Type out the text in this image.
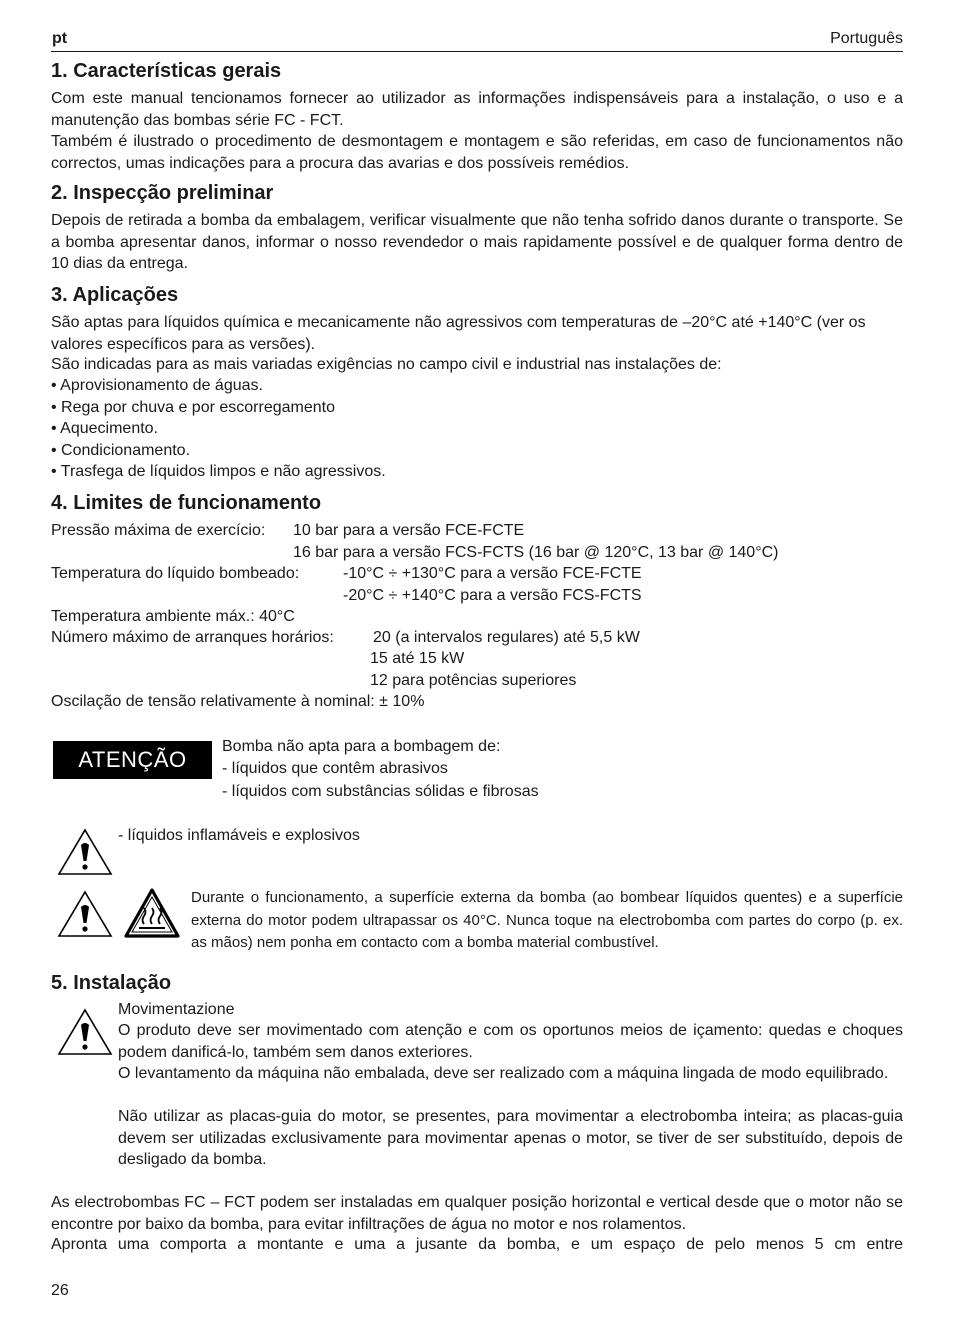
pt	Português
1. Características gerais
Com este manual tencionamos fornecer ao utilizador as informações indispensáveis para a instalação, o uso e a manutenção das bombas série FC - FCT.
Também é ilustrado o procedimento de desmontagem e montagem e são referidas, em caso de funcionamentos não correctos, umas indicações para a procura das avarias e dos possíveis remédios.
2. Inspecção preliminar
Depois de retirada a bomba da embalagem, verificar visualmente que não tenha sofrido danos durante o transporte. Se a bomba apresentar danos, informar o nosso revendedor o mais rapidamente possível e de qualquer forma dentro de 10 dias da entrega.
3. Aplicações
São aptas para líquidos química e mecanicamente não agressivos com temperaturas de –20°C até +140°C (ver os valores específicos para as versões).
São indicadas para as mais variadas exigências no campo civil e industrial nas instalações de:
• Aprovisionamento de águas.
• Rega por chuva e por escorregamento
• Aquecimento.
• Condicionamento.
• Trasfega de líquidos limpos e não agressivos.
4. Limites de funcionamento
Pressão máxima de exercício: 10 bar para a versão FCE-FCTE
16 bar para a versão FCS-FCTS (16 bar @ 120°C, 13 bar @ 140°C)
Temperatura do líquido bombeado:	-10°C ÷ +130°C para a versão FCE-FCTE
-20°C ÷ +140°C para a versão FCS-FCTS
Temperatura ambiente máx.: 40°C
Número máximo de arranques horários: 20 (a intervalos regulares) até 5,5 kW
15 até 15 kW
12 para potências superiores
Oscilação de tensão relativamente à nominal: ± 10%
ATENÇÃO
Bomba não apta para a bombagem de:
- líquidos que contêm abrasivos
- líquidos com substâncias sólidas e fibrosas
- líquidos inflamáveis e explosivos
Durante o funcionamento, a superfície externa da bomba (ao bombear líquidos quentes) e a superfície externa do motor podem ultrapassar os 40°C. Nunca toque na electrobomba com partes do corpo (p. ex. as mãos) nem ponha em contacto com a bomba material combustível.
5. Instalação
Movimentazione
O produto deve ser movimentado com atenção e com os oportunos meios de içamento: quedas e choques podem danificá-lo, também sem danos exteriores.
O levantamento da máquina não embalada, deve ser realizado com a máquina lingada de modo equilibrado.
Não utilizar as placas-guia do motor, se presentes, para movimentar a electrobomba inteira; as placas-guia devem ser utilizadas exclusivamente para movimentar apenas o motor, se tiver de ser substituído, depois de desligado da bomba.
As electrobombas FC – FCT podem ser instaladas em qualquer posição horizontal e vertical desde que o motor não se encontre por baixo da bomba, para evitar infiltrações de água no motor e nos rolamentos.
Apronta uma comporta a montante e uma a jusante da bomba, e um espaço de pelo menos 5 cm entre
26
